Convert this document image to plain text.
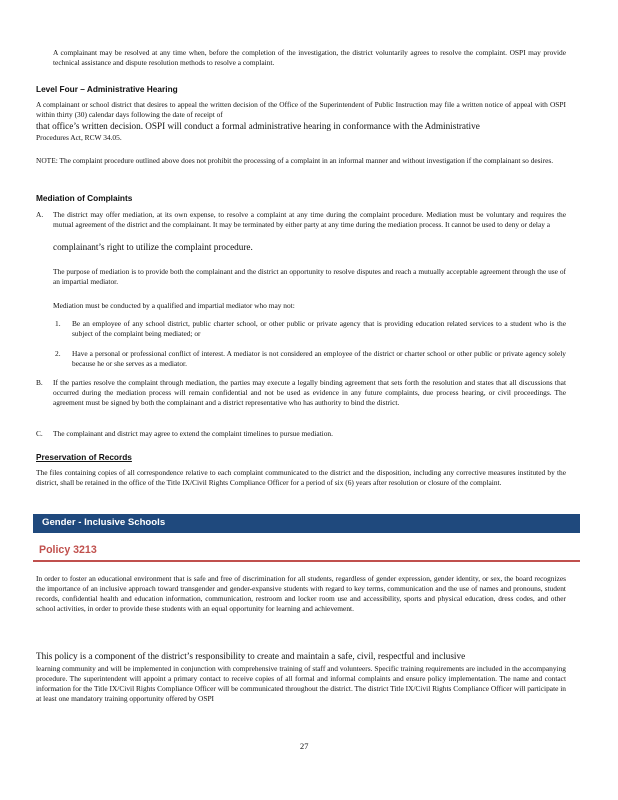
A complainant may be resolved at any time when, before the completion of the investigation, the district voluntarily agrees to resolve the complaint. OSPI may provide technical assistance and dispute resolution methods to resolve a complaint.
Level Four – Administrative Hearing
A complainant or school district that desires to appeal the written decision of the Office of the Superintendent of Public Instruction may file a written notice of appeal with OSPI within thirty (30) calendar days following the date of receipt of
that office’s written decision. OSPI will conduct a formal administrative hearing in conformance with the Administrative
Procedures Act, RCW 34.05.
NOTE: The complaint procedure outlined above does not prohibit the processing of a complaint in an informal manner and without investigation if the complainant so desires.
Mediation of Complaints
A. The district may offer mediation, at its own expense, to resolve a complaint at any time during the complaint procedure. Mediation must be voluntary and requires the mutual agreement of the district and the complainant. It may be terminated by either party at any time during the mediation process. It cannot be used to deny or delay a
complainant’s right to utilize the complaint procedure.
The purpose of mediation is to provide both the complainant and the district an opportunity to resolve disputes and reach a mutually acceptable agreement through the use of an impartial mediator.
Mediation must be conducted by a qualified and impartial mediator who may not:
1. Be an employee of any school district, public charter school, or other public or private agency that is providing education related services to a student who is the subject of the complaint being mediated; or
2. Have a personal or professional conflict of interest. A mediator is not considered an employee of the district or charter school or other public or private agency solely because he or she serves as a mediator.
B. If the parties resolve the complaint through mediation, the parties may execute a legally binding agreement that sets forth the resolution and states that all discussions that occurred during the mediation process will remain confidential and not be used as evidence in any future complaints, due process hearing, or civil proceedings. The agreement must be signed by both the complainant and a district representative who has authority to bind the district.
C. The complainant and district may agree to extend the complaint timelines to pursue mediation.
Preservation of Records
The files containing copies of all correspondence relative to each complaint communicated to the district and the disposition, including any corrective measures instituted by the district, shall be retained in the office of the Title IX/Civil Rights Compliance Officer for a period of six (6) years after resolution or closure of the complaint.
Gender - Inclusive Schools
Policy 3213
In order to foster an educational environment that is safe and free of discrimination for all students, regardless of gender expression, gender identity, or sex, the board recognizes the importance of an inclusive approach toward transgender and gender-expansive students with regard to key terms, communication and the use of names and pronouns, student records, confidential health and education information, communication, restroom and locker room use and accessibility, sports and physical education, dress codes, and other school activities, in order to provide these students with an equal opportunity for learning and achievement.
This policy is a component of the district’s responsibility to create and maintain a safe, civil, respectful and inclusive
learning community and will be implemented in conjunction with comprehensive training of staff and volunteers. Specific training requirements are included in the accompanying procedure. The superintendent will appoint a primary contact to receive copies of all formal and informal complaints and ensure policy implementation. The name and contact information for the Title IX/Civil Rights Compliance Officer will be communicated throughout the district. The district Title IX/Civil Rights Compliance Officer will participate in at least one mandatory training opportunity offered by OSPI
27
